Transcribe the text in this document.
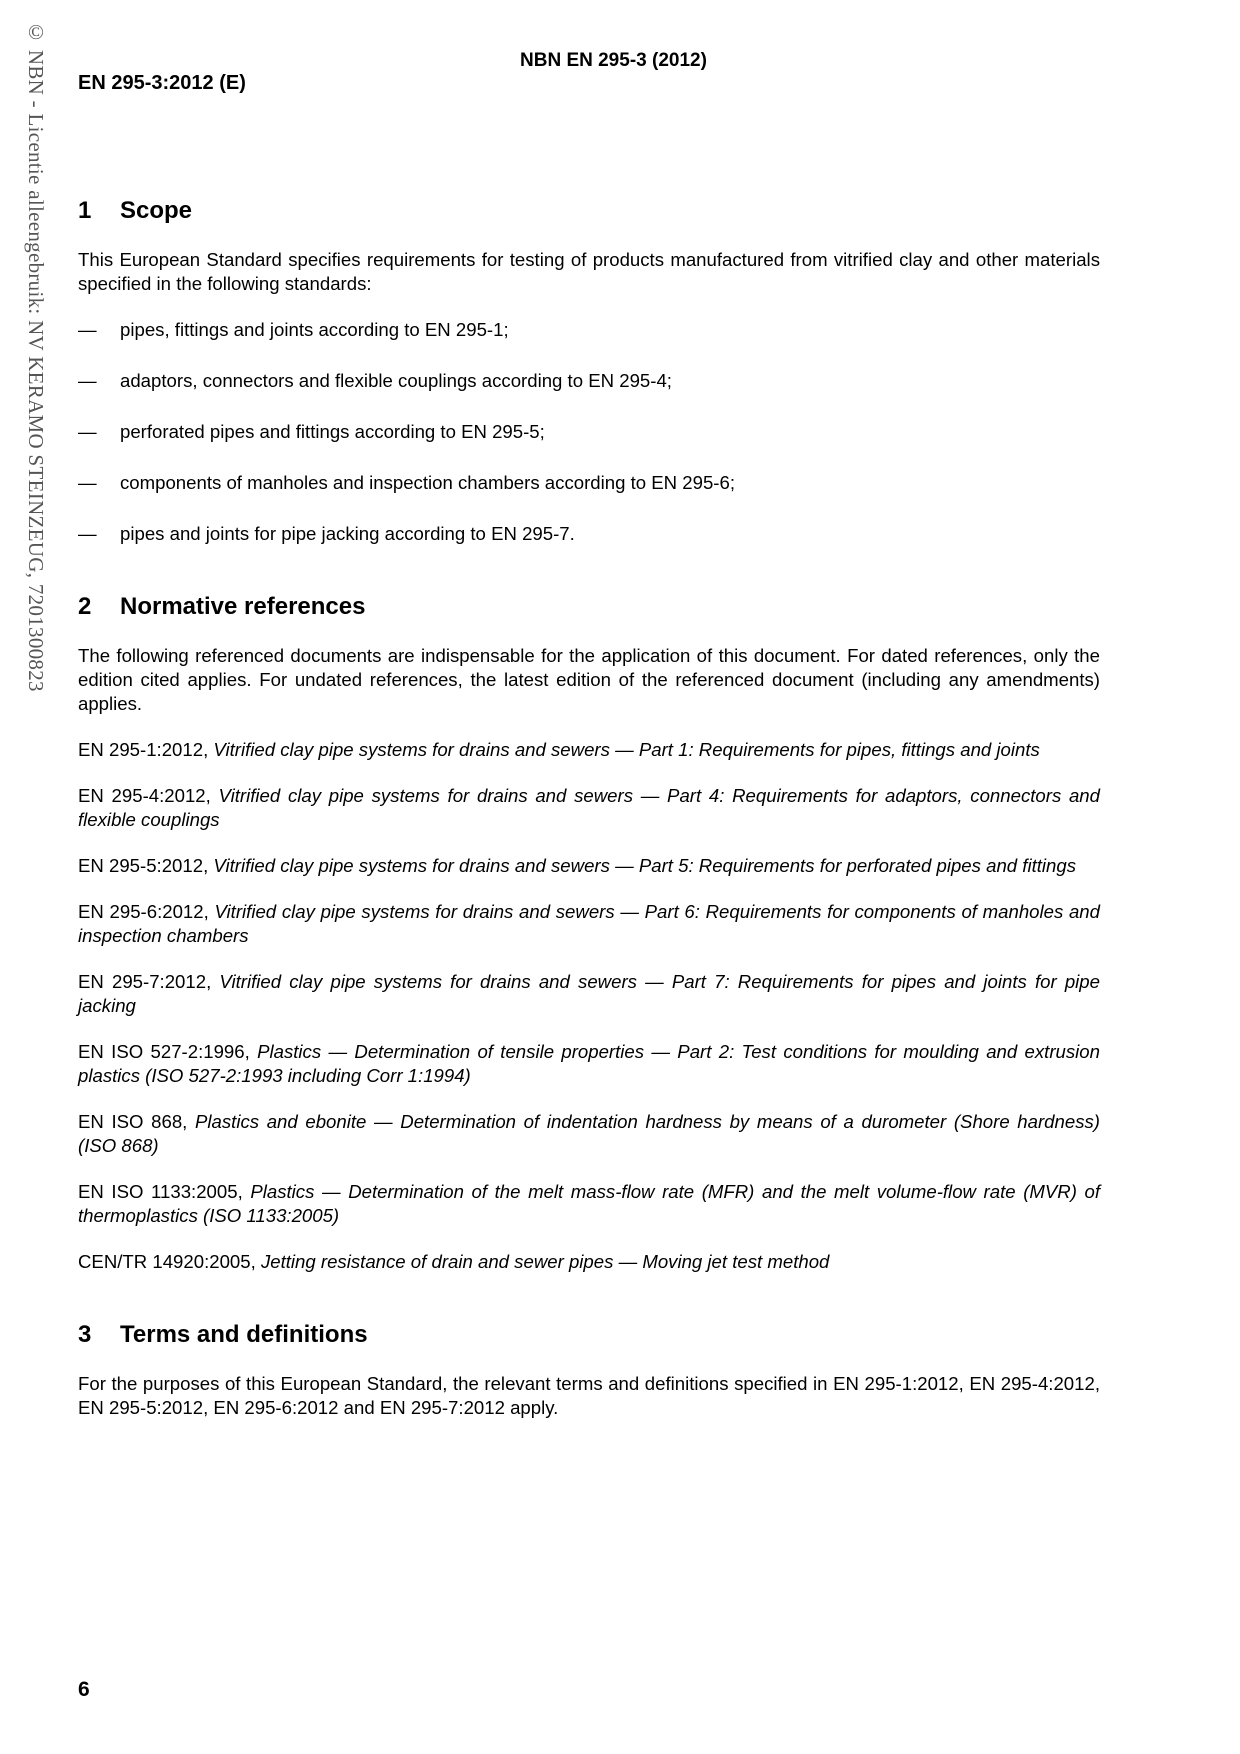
© NBN - Licentie alleengebruik: NV KERAMO STEINZEUG, 7201300823	NBN EN 295-3 (2012)
EN 295-3:2012 (E)
1	Scope

This European Standard specifies requirements for testing of products manufactured from vitrified clay and other materials specified in the following standards:

—	pipes, fittings and joints according to EN 295-1;
—	adaptors, connectors and flexible couplings according to EN 295-4;
—	perforated pipes and fittings according to EN 295-5;
—	components of manholes and inspection chambers according to EN 295-6;
—	pipes and joints for pipe jacking according to EN 295-7.
2	Normative references

The following referenced documents are indispensable for the application of this document. For dated references, only the edition cited applies. For undated references, the latest edition of the referenced document (including any amendments) applies.

EN 295-1:2012, Vitrified clay pipe systems for drains and sewers — Part 1: Requirements for pipes, fittings and joints

EN 295-4:2012, Vitrified clay pipe systems for drains and sewers — Part 4: Requirements for adaptors, connectors and flexible couplings

EN 295-5:2012, Vitrified clay pipe systems for drains and sewers — Part 5: Requirements for perforated pipes and fittings

EN 295-6:2012, Vitrified clay pipe systems for drains and sewers — Part 6: Requirements for components of manholes and inspection chambers

EN 295-7:2012, Vitrified clay pipe systems for drains and sewers — Part 7: Requirements for pipes and joints for pipe jacking

EN ISO 527-2:1996, Plastics — Determination of tensile properties — Part 2: Test conditions for moulding and extrusion plastics (ISO 527-2:1993 including Corr 1:1994)

EN ISO 868, Plastics and ebonite — Determination of indentation hardness by means of a durometer (Shore hardness) (ISO 868)

EN ISO 1133:2005, Plastics — Determination of the melt mass-flow rate (MFR) and the melt volume-flow rate (MVR) of thermoplastics (ISO 1133:2005)

CEN/TR 14920:2005, Jetting resistance of drain and sewer pipes — Moving jet test method

3	Terms and definitions

For the purposes of this European Standard, the relevant terms and definitions specified in EN 295-1:2012, EN 295-4:2012, EN 295-5:2012, EN 295-6:2012 and EN 295-7:2012 apply.

6
